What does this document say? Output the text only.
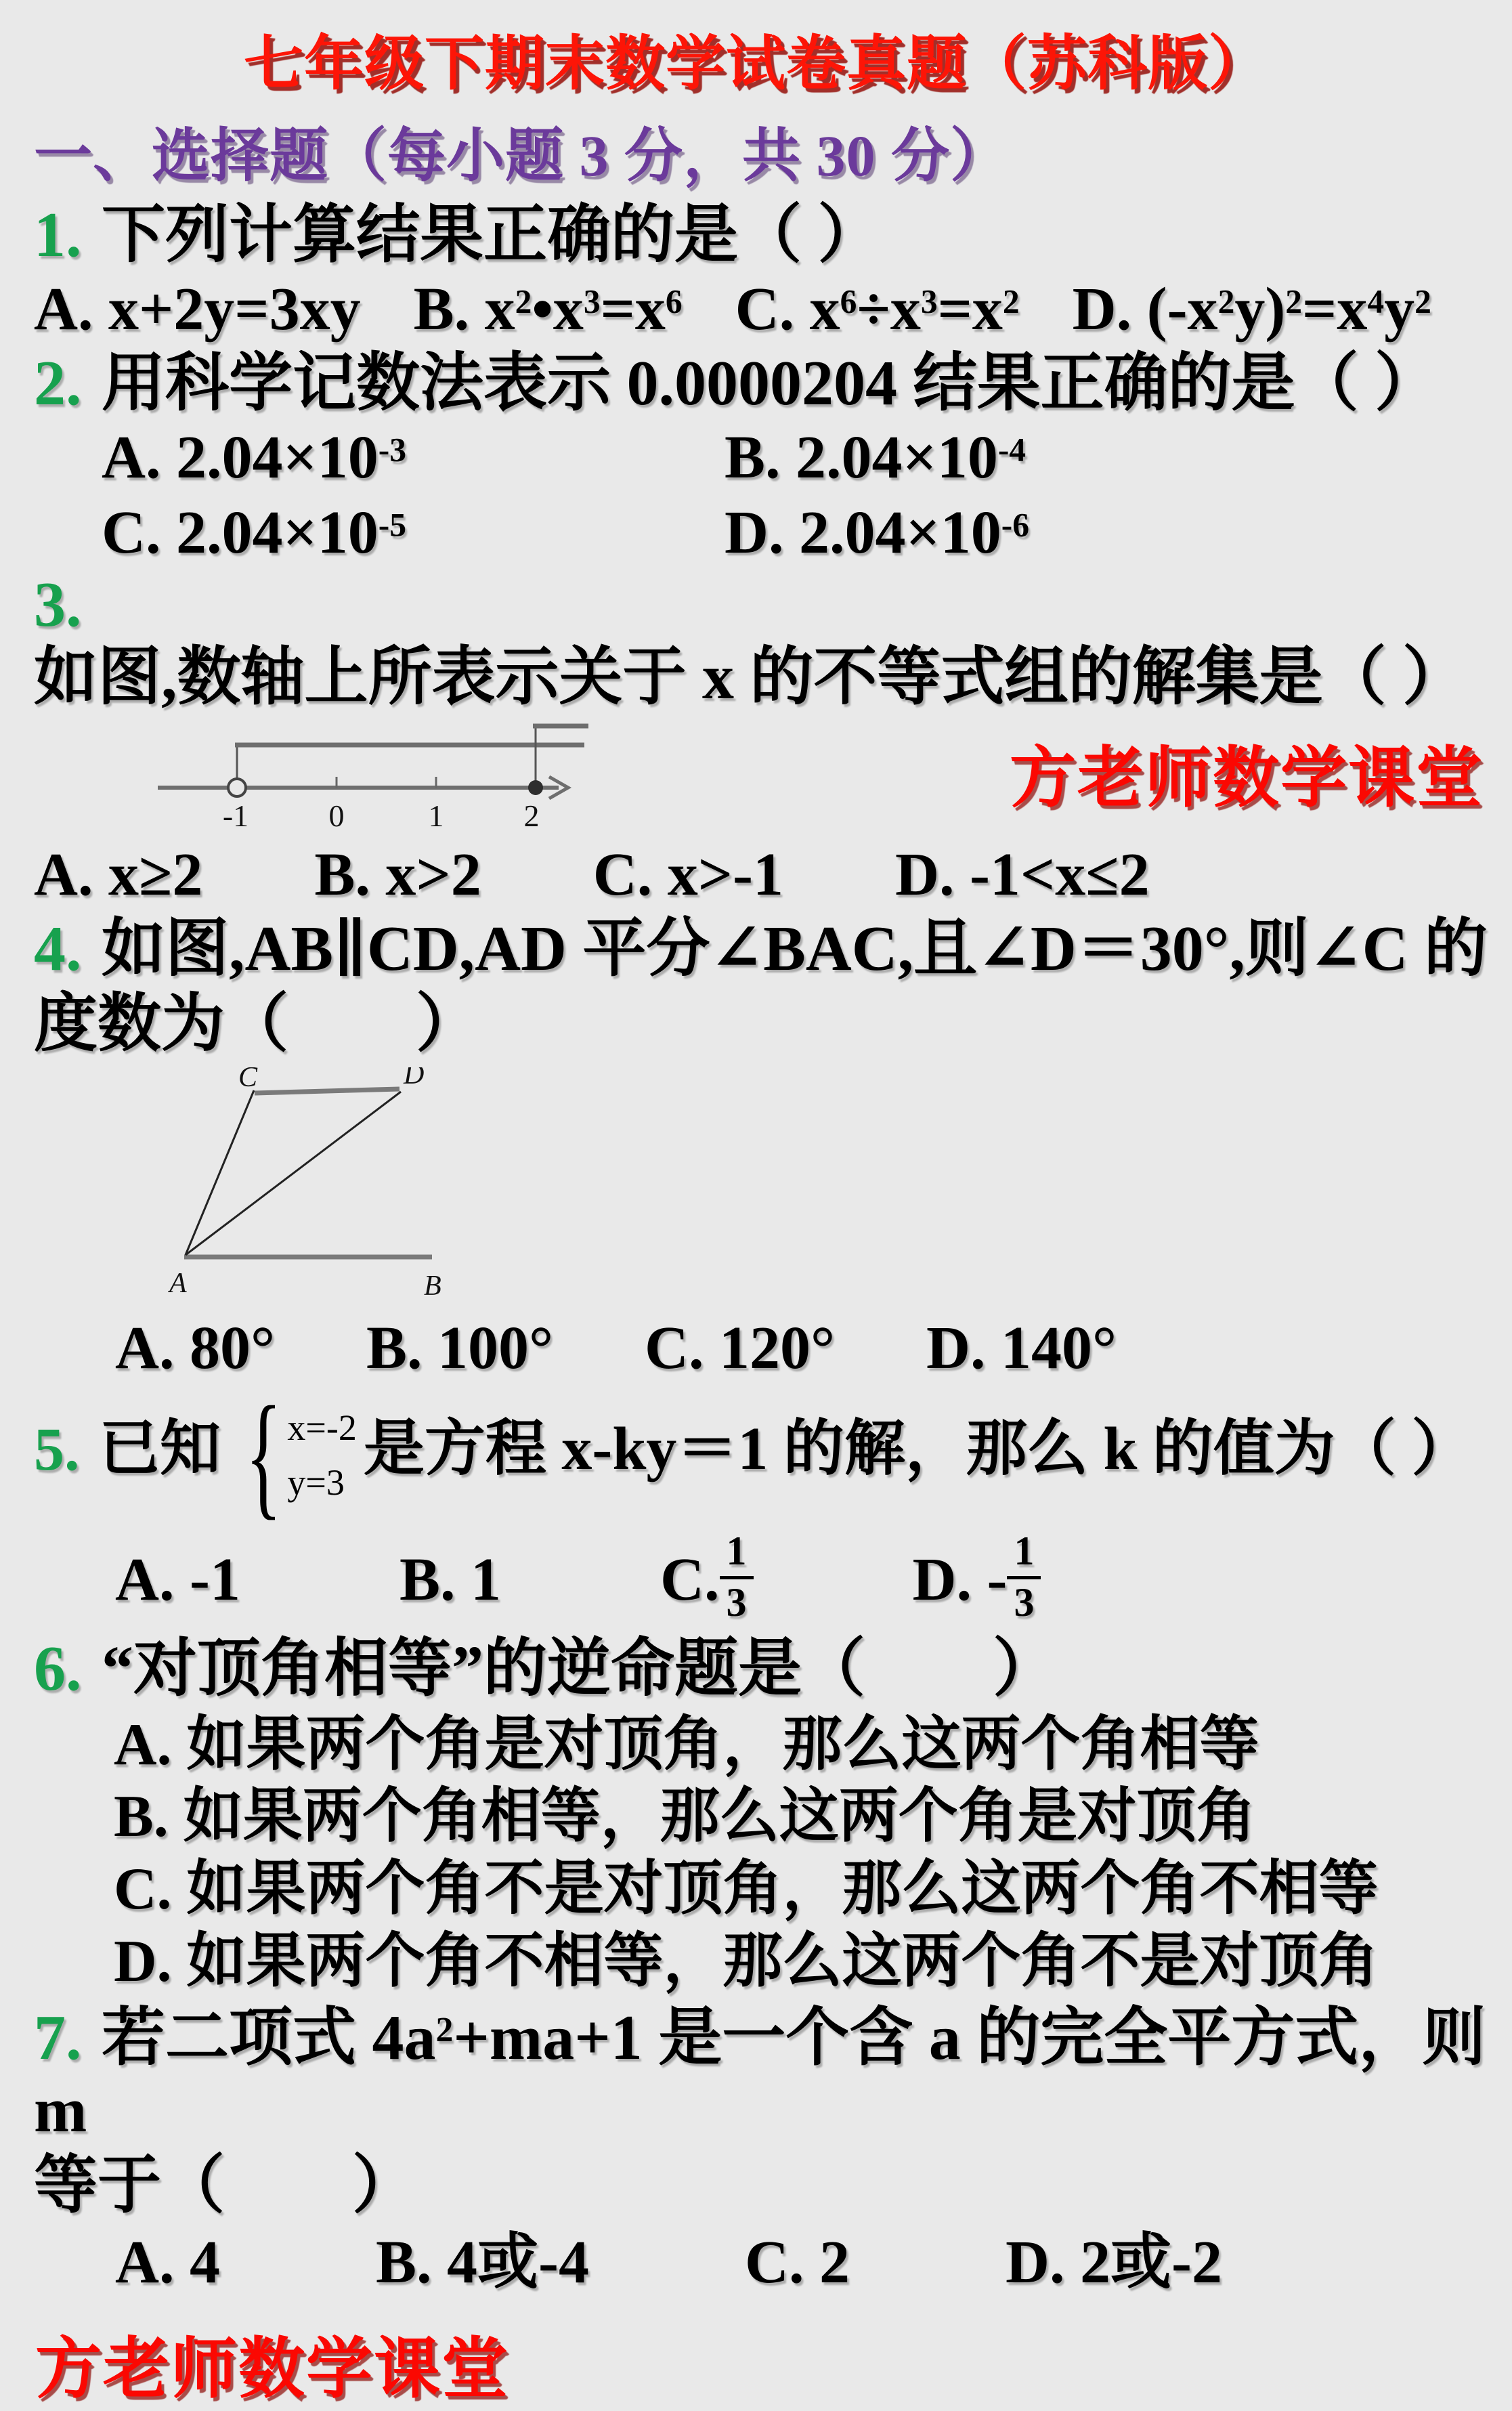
七年级下期末数学试卷真题（苏科版）
一、选择题（每小题 3 分，共 30 分）

1. 下列计算结果正确的是（ ）

A. x+2y=3xy B. $x^2•x^3=x^6$ C. $x^6\div x^3=x^2$ D. $(-x^2y)^2=x^4y^2$

2. 用科学记数法表示 0.0000204 结果正确的是（ ）

A. $2.04\times 10^{-3}$	B. $2.04\times 10^{-4}$
C. $2.04\times 10^{-5}$	D. $2.04\times 10^{-6}$

3.如图,数轴上所表示关于 x 的不等式组的解集是（ ）

-1	0	1	2
方老师数学课堂
A. x≥2 B. x>2 C. x>-1 D. -1<x≤2

4. 如图,AB∥CD,AD 平分∠BAC,且∠D＝30°,则∠C 的

度数为（　　）

C	D
A	B
A. 80° B. 100° C. 120° D. 140°

5. 已知 { x=-2
y=3 是方程 x-ky＝1 的解，那么 k 的值为（ ）

A. -1	B. 1	C. $\frac{1}{3}$	D. - $\frac{1}{3}$

6. “对顶角相等”的逆命题是（　　）

A. 如果两个角是对顶角，那么这两个角相等

B. 如果两个角相等，那么这两个角是对顶角

C. 如果两个角不是对顶角，那么这两个角不相等

D. 如果两个角不相等，那么这两个角不是对顶角

7. 若二项式 $4a^2+ma+1$ 是一个含 a 的完全平方式，则 m

等于（　　）

A. 4	B. 4或-4	C. 2	D. 2或-2
方老师数学课堂
